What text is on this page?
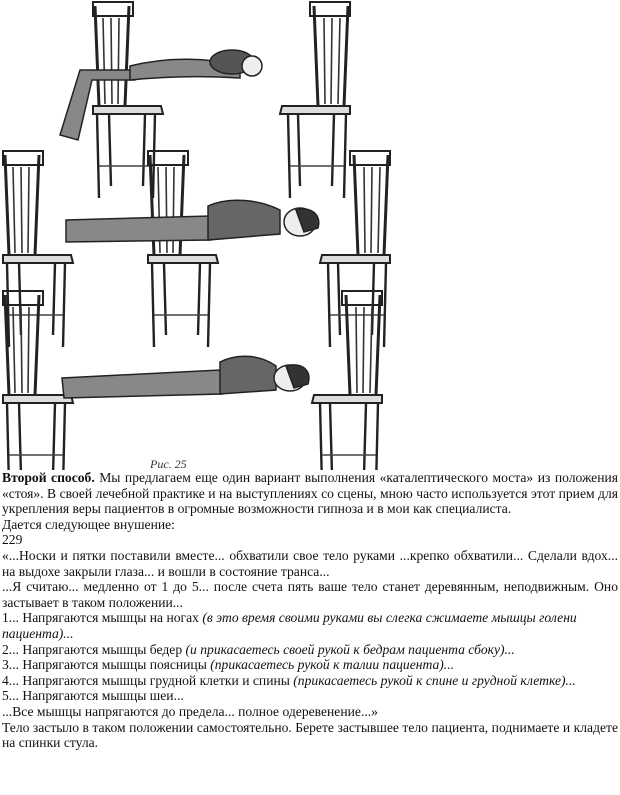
Рис. 25

Второй способ. Мы предлагаем еще один вариант выполнения «каталептического моста» из положения «стоя». В своей лечебной практике и на выступлениях со сцены, мною часто используется этот прием для укрепления веры пациентов в огромные возможности гипноза и в мои как специалиста.

Дается следующее внушение:

229

«...Носки и пятки поставили вместе... обхватили свое тело руками ...крепко обхватили... Сделали вдох... на выдохе закрыли глаза... и вошли в состояние транса...

...Я считаю... медленно от 1 до 5... после счета пять ваше тело станет деревянным, неподвижным. Оно застывает в таком положении...

1... Напрягаются мышцы на ногах (в это время своими руками вы слегка сжимаете мышцы голени пациента)...

2... Напрягаются мышцы бедер (и прикасаетесь своей рукой к бедрам пациента сбоку)...

3... Напрягаются мышцы поясницы (прикасаетесь рукой к талии пациента)...

4... Напрягаются мышцы грудной клетки и спины (прикасаетесь рукой к спине и грудной клетке)...

5... Напрягаются мышцы шеи...

...Все мышцы напрягаются до предела... полное одеревенение...»

Тело застыло в таком положении самостоятельно. Берете застывшее тело пациента, поднимаете и кладете на спинки стула.
